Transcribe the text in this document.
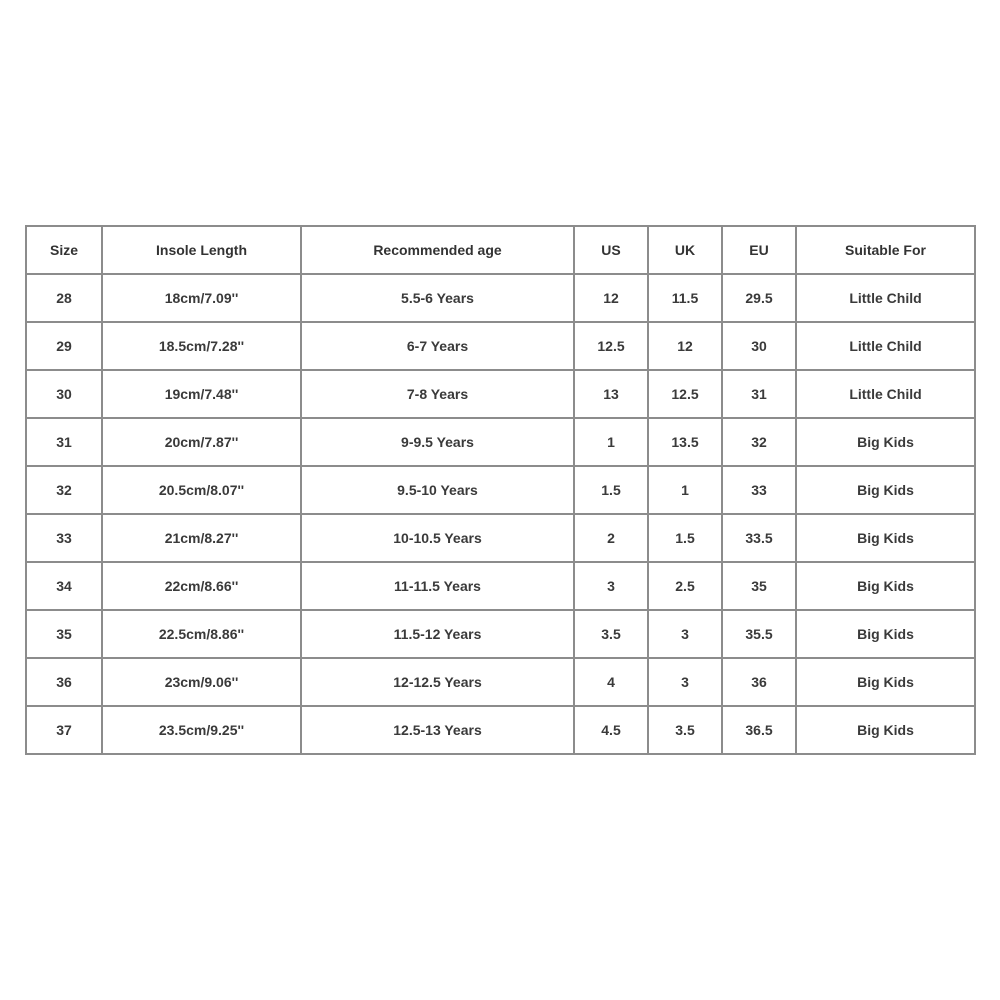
Size	Insole Length	Recommended age	US	UK	EU	Suitable For
28	18cm/7.09''	5.5-6 Years	12	11.5	29.5	Little Child
29	18.5cm/7.28''	6-7 Years	12.5	12	30	Little Child
30	19cm/7.48''	7-8 Years	13	12.5	31	Little Child
31	20cm/7.87''	9-9.5 Years	1	13.5	32	Big Kids
32	20.5cm/8.07''	9.5-10 Years	1.5	1	33	Big Kids
33	21cm/8.27''	10-10.5 Years	2	1.5	33.5	Big Kids
34	22cm/8.66''	11-11.5 Years	3	2.5	35	Big Kids
35	22.5cm/8.86''	11.5-12 Years	3.5	3	35.5	Big Kids
36	23cm/9.06''	12-12.5 Years	4	3	36	Big Kids
37	23.5cm/9.25''	12.5-13 Years	4.5	3.5	36.5	Big Kids
